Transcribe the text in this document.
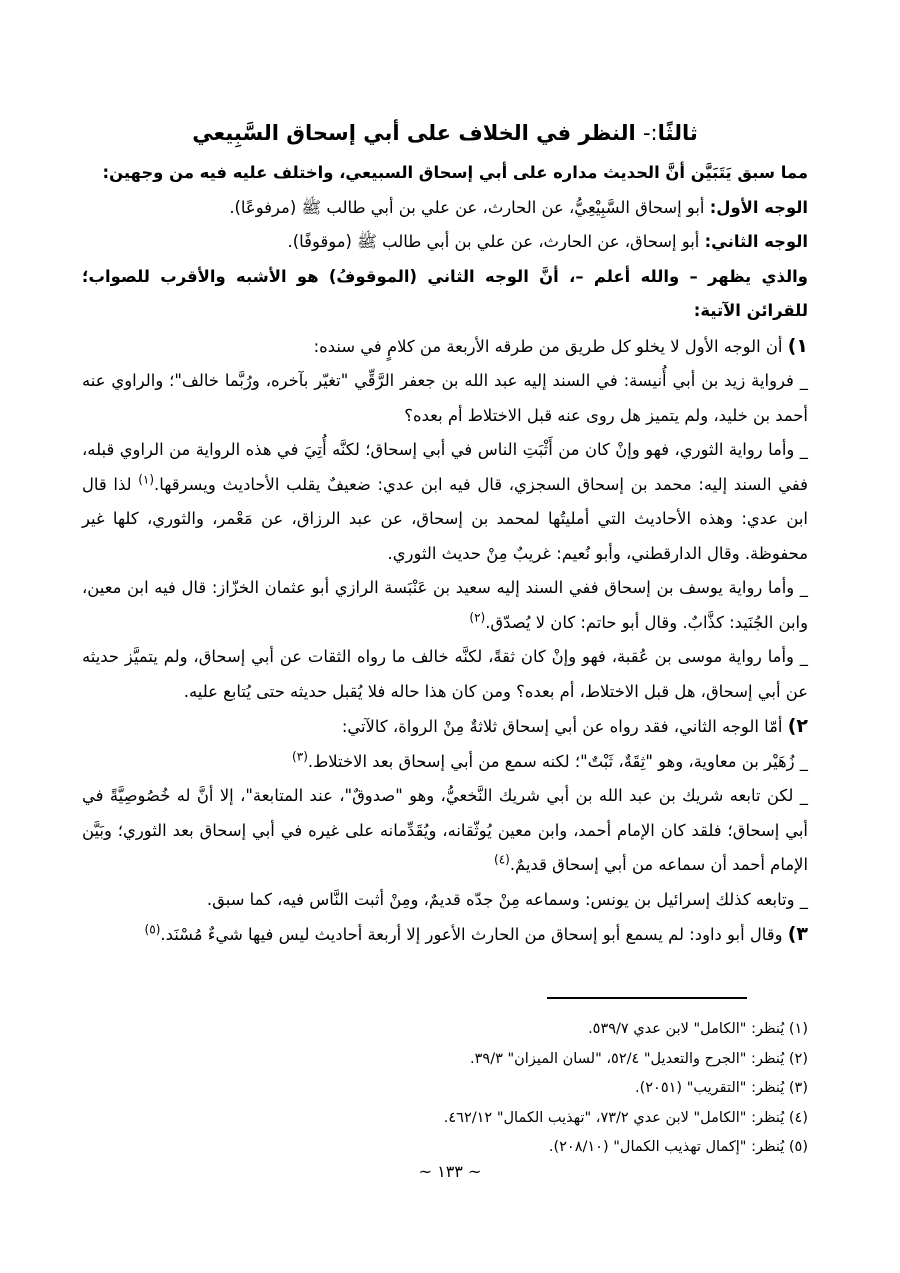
ثالثًا:- النظر في الخلاف على أبي إسحاق السَّبِيعي

مما سبق يَتَبَيَّن أنَّ الحديث مداره على أبي إسحاق السبيعي، واختلف عليه فيه من وجهين:

الوجه الأول: أبو إسحاق السَّبِيْعِيُّ، عن الحارث، عن علي بن أبي طالب ﷺ (مرفوعًا).

الوجه الثاني: أبو إسحاق، عن الحارث، عن علي بن أبي طالب ﷺ (موقوفًا).

والذي يظهر – والله أعلم –، أنَّ الوجه الثاني (الموقوفُ) هو الأشبه والأقرب للصواب؛ للقرائن الآتية:

١) أن الوجه الأول لا يخلو كل طريق من طرقه الأربعة من كلامٍ في سنده:

_ فرواية زيد بن أبي أُنيسة: في السند إليه عبد الله بن جعفر الرَّقِّي "تغيّر بآخره، ورُبَّما خالف"؛ والراوي عنه أحمد بن خليد، ولم يتميز هل روى عنه قبل الاختلاط أم بعده؟

_ وأما رواية الثوري، فهو وإنْ كان من أَثْبَتِ الناس في أبي إسحاق؛ لكنَّه أُتِيَ في هذه الرواية من الراوي قبله، ففي السند إليه: محمد بن إسحاق السجزي، قال فيه ابن عدي: ضعيفٌ يقلب الأحاديث ويسرقها.$^{(١)}$ لذا قال ابن عدي: وهذه الأحاديث التي أمليتُها لمحمد بن إسحاق، عن عبد الرزاق، عن مَعْمر، والثوري، كلها غير محفوظة. وقال الدارقطني، وأبو نُعيم: غريبٌ مِنْ حديث الثوري.

_ وأما رواية يوسف بن إسحاق ففي السند إليه سعيد بن عَنْبَسة الرازي أبو عثمان الخزّاز: قال فيه ابن معين، وابن الجُنَيد: كذَّابٌ. وقال أبو حاتم: كان لا يُصدّق.$^{(٢)}$

_ وأما رواية موسى بن عُقبة، فهو وإنْ كان ثقةً، لكنَّه خالف ما رواه الثقات عن أبي إسحاق، ولم يتميَّز حديثه عن أبي إسحاق، هل قبل الاختلاط، أم بعده؟ ومن كان هذا حاله فلا يُقبل حديثه حتى يُتابع عليه.

٢) أمّا الوجه الثاني، فقد رواه عن أبي إسحاق ثلاثةٌ مِنْ الرواة، كالآتي:

_ زُهَيْر بن معاوية، وهو "ثِقَةٌ، ثَبْتٌ"؛ لكنه سمع من أبي إسحاق بعد الاختلاط.$^{(٣)}$

_ لكن تابعه شريك بن عبد الله بن أبي شريك النَّخعيُّ، وهو "صدوقٌ"، عند المتابعة"، إلا أنَّ له خُصُوصِيَّةً في أبي إسحاق؛ فلقد كان الإمام أحمد، وابن معين يُوثّقانه، ويُقَدِّمانه على غيره في أبي إسحاق بعد الثوري؛ وبَيَّن الإمام أحمد أن سماعه من أبي إسحاق قديمٌ.$^{(٤)}$

_ وتابعه كذلك إسرائيل بن يونس: وسماعه مِنْ جدّه قديمٌ، ومِنْ أثبت النَّاس فيه، كما سبق.

٣) وقال أبو داود: لم يسمع أبو إسحاق من الحارث الأعور إلا أربعة أحاديث ليس فيها شيءٌ مُسْنَد.$^{(٥)}$

(١) يُنظر: "الكامل" لابن عدي ٥٣٩/٧.
(٢) يُنظر: "الجرح والتعديل" ٥٢/٤، "لسان الميزان" ٣٩/٣.
(٣) يُنظر: "التقريب" (٢٠٥١).
(٤) يُنظر: "الكامل" لابن عدي ٧٣/٢، "تهذيب الكمال" ٤٦٢/١٢.
(٥) يُنظر: "إكمال تهذيب الكمال" (٢٠٨/١٠).
~ ١٣٣ ~
